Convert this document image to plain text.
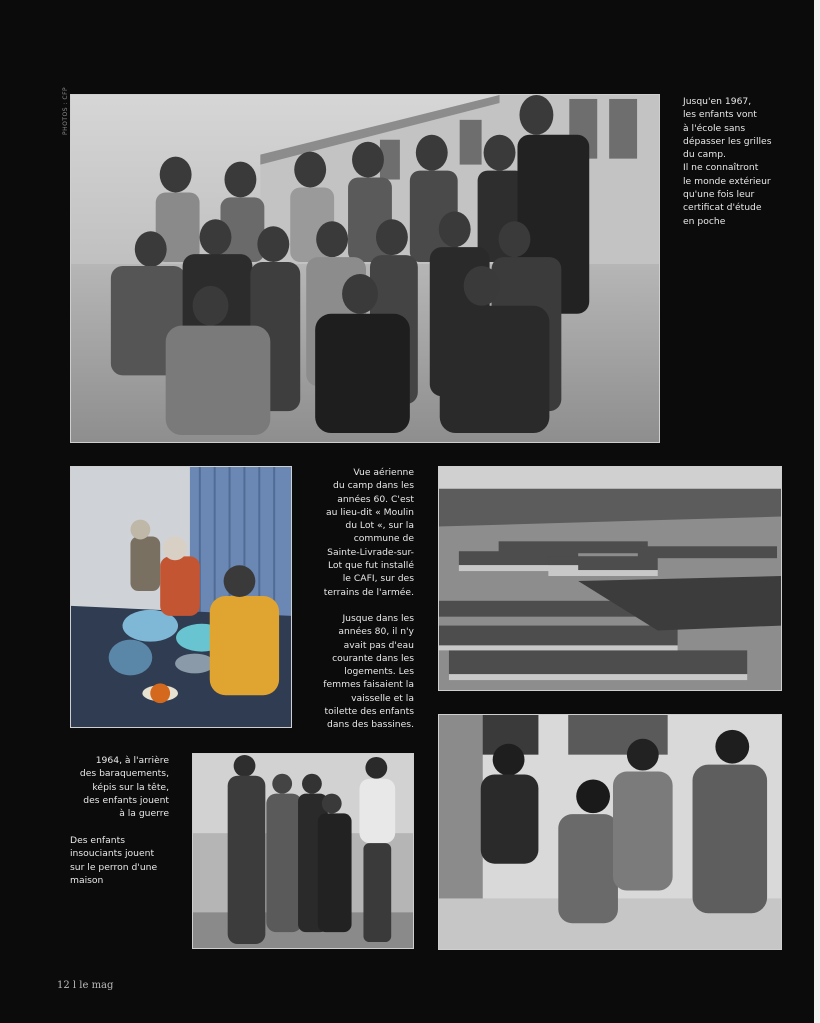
PHOTOS : CFP	Jusqu'en 1967,
les enfants vont
à l'école sans
dépasser les grilles
du camp.
Il ne connaîtront
le monde extérieur
qu'une fois leur
certificat d'étude
en poche
Vue aérienne
du camp dans les
années 60. C'est
au lieu-dit « Moulin
du Lot «, sur la
commune de
Sainte-Livrade-sur-
Lot que fut installé
le CAFI, sur des
terrains de l'armée.
Jusque dans les
années 80, il n'y
avait pas d'eau
courante dans les
logements. Les
femmes faisaient la
vaisselle et la
toilette des enfants
dans des bassines.
1964, à l'arrière
des baraquements,
képis sur la tête,
des enfants jouent
à la guerre
Des enfants
insouciants jouent
sur le perron d'une
maison
12 l le mag
